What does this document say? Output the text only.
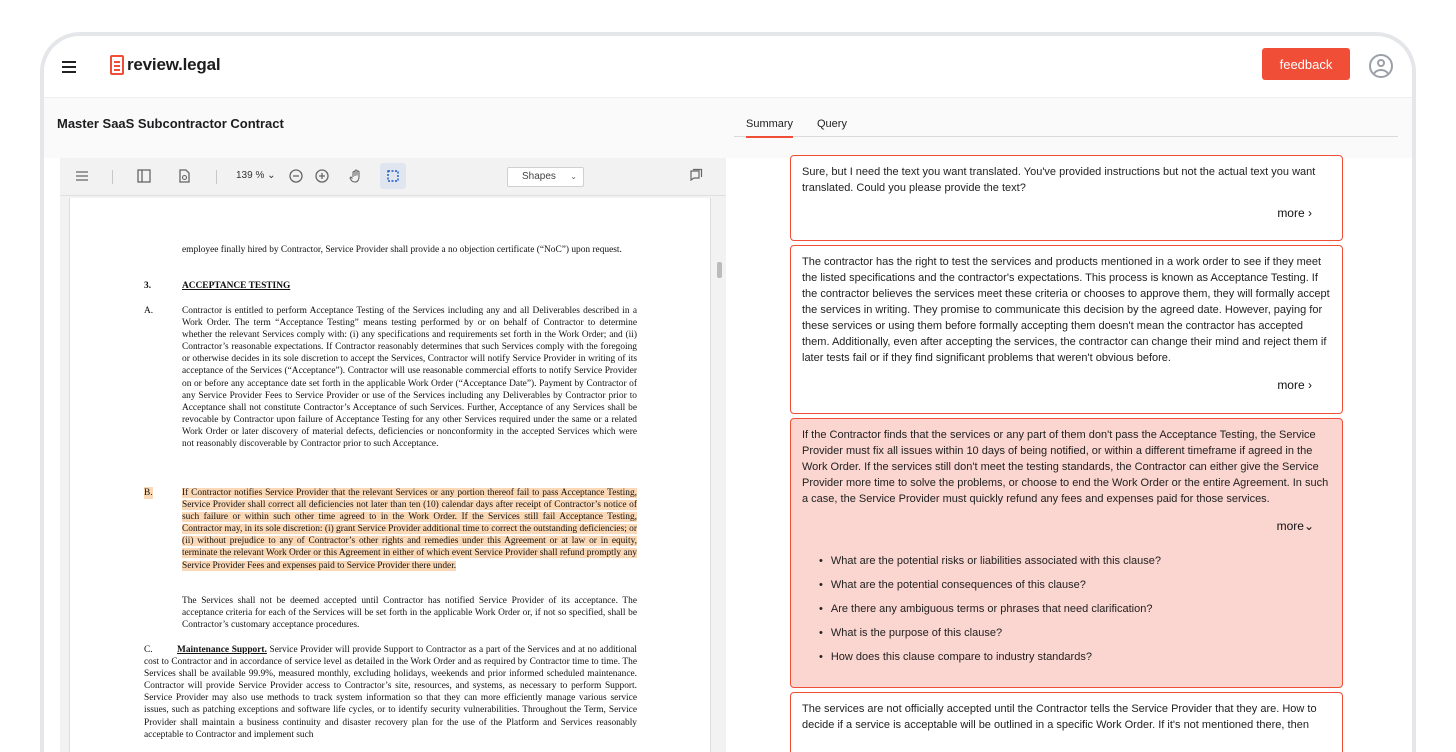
review.legal	feedback
Master SaaS Subcontractor Contract	Summary Query
139 % ⌄	Shapes ⌄
employee finally hired by Contractor, Service Provider shall provide a no objection certificate (“NoC”) upon request.
3.	ACCEPTANCE TESTING
A.	Contractor is entitled to perform Acceptance Testing of the Services including any and all Deliverables described in a Work Order. The term “Acceptance Testing” means testing performed by or on behalf of Contractor to determine whether the relevant Services comply with: (i) any specifications and requirements set forth in the Work Order; and (ii) Contractor’s reasonable expectations. If Contractor reasonably determines that such Services comply with the foregoing or otherwise decides in its sole discretion to accept the Services, Contractor will notify Service Provider in writing of its acceptance of the Services (“Acceptance”). Contractor will use reasonable commercial efforts to notify Service Provider on or before any acceptance date set forth in the applicable Work Order (“Acceptance Date”). Payment by Contractor of any Service Provider Fees to Service Provider or use of the Services including any Deliverables by Contractor prior to Acceptance shall not constitute Contractor’s Acceptance of such Services. Further, Acceptance of any Services shall be revocable by Contractor upon failure of Acceptance Testing for any other Services required under the same or a related Work Order or later discovery of material defects, deficiencies or nonconformity in the accepted Services which were not reasonably discoverable by Contractor prior to such Acceptance.
B.	If Contractor notifies Service Provider that the relevant Services or any portion thereof fail to pass Acceptance Testing, Service Provider shall correct all deficiencies not later than ten (10) calendar days after receipt of Contractor’s notice of such failure or within such other time agreed to in the Work Order. If the Services still fail Acceptance Testing, Contractor may, in its sole discretion: (i) grant Service Provider additional time to correct the outstanding deficiencies; or (ii) without prejudice to any of Contractor’s other rights and remedies under this Agreement or at law or in equity, terminate the relevant Work Order or this Agreement in either of which event Service Provider shall refund promptly any Service Provider Fees and expenses paid to Service Provider there under.
The Services shall not be deemed accepted until Contractor has notified Service Provider of its acceptance. The acceptance criteria for each of the Services will be set forth in the applicable Work Order or, if not so specified, shall be Contractor’s customary acceptance procedures.
C.	Maintenance Support. Service Provider will provide Support to Contractor as a part of the Services and at no additional cost to Contractor and in accordance of service level as detailed in the Work Order and as required by Contractor time to time. The Services shall be available 99.9%, measured monthly, excluding holidays, weekends and prior informed scheduled maintenance. Contractor will provide Service Provider access to Contractor’s site, resources, and systems, as necessary to perform Support. Service Provider may also use methods to track system information so that they can more efficiently manage various service issues, such as patching exceptions and software life cycles, or to identify security vulnerabilities. Throughout the Term, Service Provider shall maintain a business continuity and disaster recovery plan for the use of the Platform and Services reasonably acceptable to Contractor and implement such
Sure, but I need the text you want translated. You've provided instructions but not the actual text you want translated. Could you please provide the text?
more ›
The contractor has the right to test the services and products mentioned in a work order to see if they meet the listed specifications and the contractor's expectations. This process is known as Acceptance Testing. If the contractor believes the services meet these criteria or chooses to approve them, they will formally accept the services in writing. They promise to communicate this decision by the agreed date. However, paying for these services or using them before formally accepting them doesn't mean the contractor has accepted them. Additionally, even after accepting the services, the contractor can change their mind and reject them if later tests fail or if they find significant problems that weren't obvious before.
more ›
If the Contractor finds that the services or any part of them don't pass the Acceptance Testing, the Service Provider must fix all issues within 10 days of being notified, or within a different timeframe if agreed in the Work Order. If the services still don't meet the testing standards, the Contractor can either give the Service Provider more time to solve the problems, or choose to end the Work Order or the entire Agreement. In such a case, the Service Provider must quickly refund any fees and expenses paid for those services.
more⌄
• What are the potential risks or liabilities associated with this clause?
• What are the potential consequences of this clause?
• Are there any ambiguous terms or phrases that need clarification?
• What is the purpose of this clause?
• How does this clause compare to industry standards?
The services are not officially accepted until the Contractor tells the Service Provider that they are. How to decide if a service is acceptable will be outlined in a specific Work Order. If it's not mentioned there, then
